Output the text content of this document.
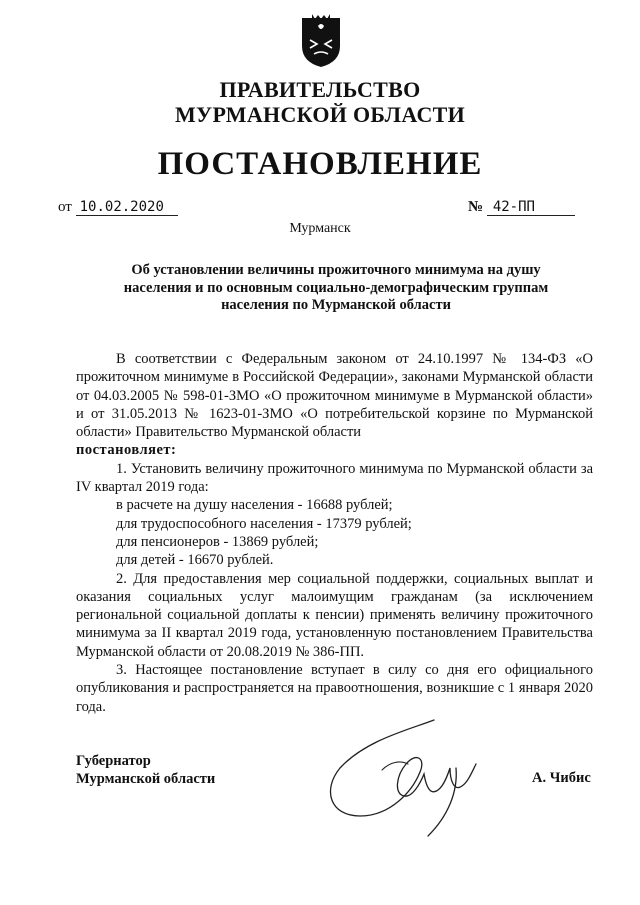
ПРАВИТЕЛЬСТВО
МУРМАНСКОЙ ОБЛАСТИ
ПОСТАНОВЛЕНИЕ
от 10.02.2020	№ 42-ПП
Мурманск
Об установлении величины прожиточного минимума на душу
населения и по основным социально-демографическим группам
населения по Мурманской области

В соответствии с Федеральным законом от 24.10.1997 № 134-ФЗ «О прожиточном минимуме в Российской Федерации», законами Мурманской области от 04.03.2005 № 598-01-ЗМО «О прожиточном минимуме в Мурманской области» и от 31.05.2013 № 1623-01-ЗМО «О потребительской корзине по Мурманской области» Правительство Мурманской области

постановляет:

1. Установить величину прожиточного минимума по Мурманской области за IV квартал 2019 года:

в расчете на душу населения - 16688 рублей;

для трудоспособного населения - 17379 рублей;

для пенсионеров - 13869 рублей;

для детей - 16670 рублей.

2. Для предоставления мер социальной поддержки, социальных выплат и оказания социальных услуг малоимущим гражданам (за исключением региональной социальной доплаты к пенсии) применять величину прожиточного минимума за II квартал 2019 года, установленную постановлением Правительства Мурманской области от 20.08.2019 № 386-ПП.

3. Настоящее постановление вступает в силу со дня его официального опубликования и распространяется на правоотношения, возникшие с 1 января 2020 года.

Губернатор
Мурманской области	А. Чибис
